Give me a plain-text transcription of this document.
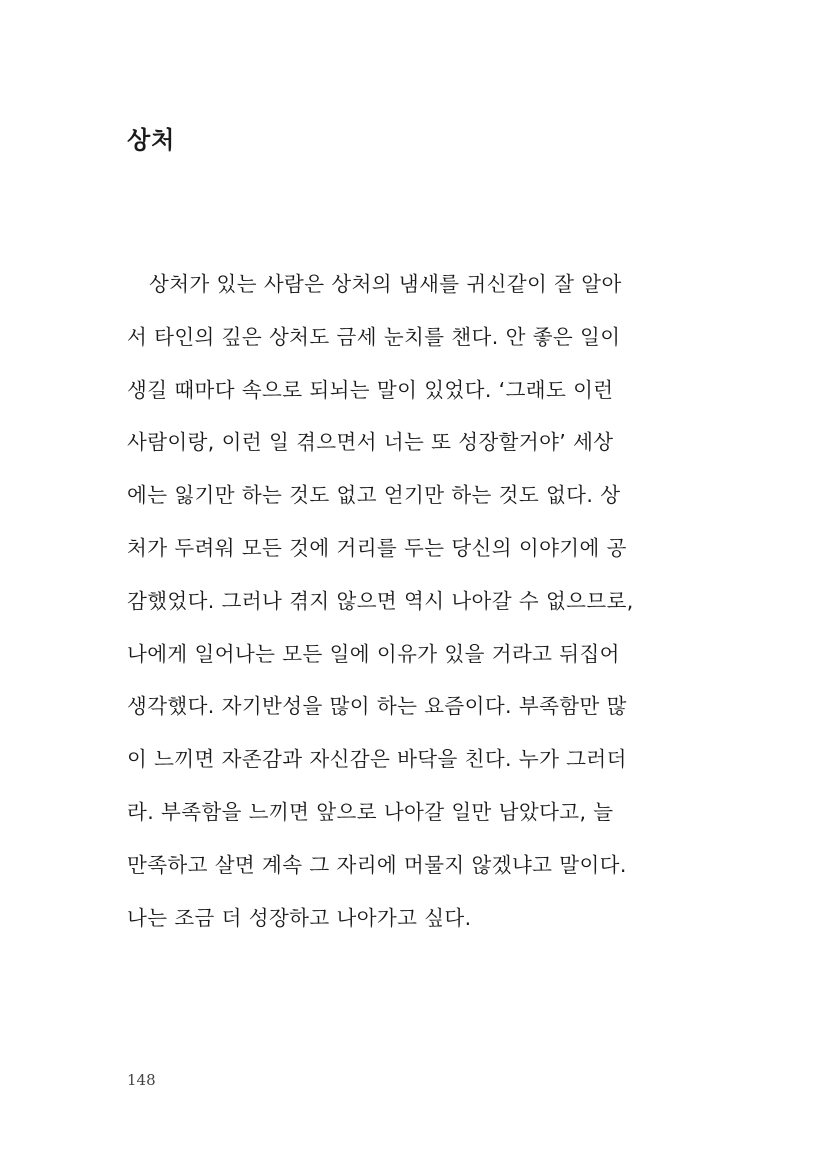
상처
상처가 있는 사람은 상처의 냄새를 귀신같이 잘 알아
서 타인의 깊은 상처도 금세 눈치를 챈다. 안 좋은 일이
생길 때마다 속으로 되뇌는 말이 있었다. ‘그래도 이런
사람이랑, 이런 일 겪으면서 너는 또 성장할거야’ 세상
에는 잃기만 하는 것도 없고 얻기만 하는 것도 없다. 상
처가 두려워 모든 것에 거리를 두는 당신의 이야기에 공
감했었다. 그러나 겪지 않으면 역시 나아갈 수 없으므로,
나에게 일어나는 모든 일에 이유가 있을 거라고 뒤집어
생각했다. 자기반성을 많이 하는 요즘이다. 부족함만 많
이 느끼면 자존감과 자신감은 바닥을 친다. 누가 그러더
라. 부족함을 느끼면 앞으로 나아갈 일만 남았다고, 늘
만족하고 살면 계속 그 자리에 머물지 않겠냐고 말이다.
나는 조금 더 성장하고 나아가고 싶다.
148
